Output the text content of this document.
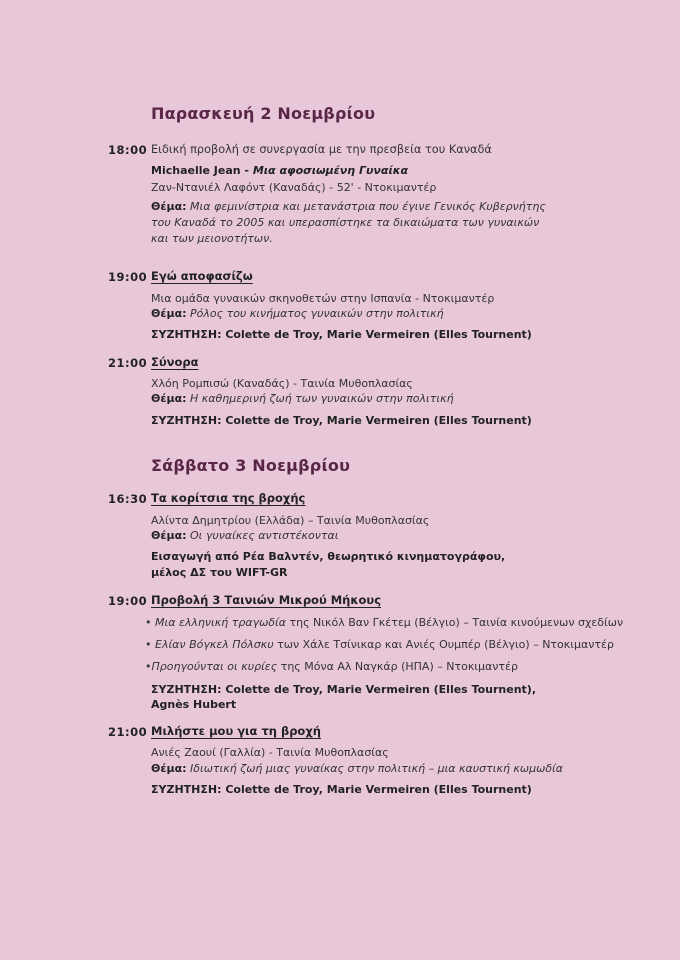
Παρασκευή 2 Νοεμβρίου
18:00 Ειδική προβολή σε συνεργασία με την πρεσβεία του Καναδά
Michaelle Jean - Μια αφοσιωμένη Γυναίκα
Ζαν-Ντανιέλ Λαφόντ (Καναδάς) - 52' - Ντοκιμαντέρ
Θέμα: Μια φεμινίστρια και μετανάστρια που έγινε Γενικός Κυβερνήτης
του Καναδά το 2005 και υπερασπίστηκε τα δικαιώματα των γυναικών
και των μειονοτήτων.
19:00 Εγώ αποφασίζω
Μια ομάδα γυναικών σκηνοθετών στην Ισπανία - Ντοκιμαντέρ
Θέμα: Ρόλος του κινήματος γυναικών στην πολιτική
ΣΥΖΗΤΗΣΗ: Colette de Troy, Marie Vermeiren (Elles Tournent)
21:00 Σύνορα
Χλόη Ρομπισώ (Καναδάς) - Ταινία Μυθοπλασίας
Θέμα: Η καθημερινή ζωή των γυναικών στην πολιτική
ΣΥΖΗΤΗΣΗ: Colette de Troy, Marie Vermeiren (Elles Tournent)
Σάββατο 3 Νοεμβρίου
16:30 Τα κορίτσια της βροχής
Αλίντα Δημητρίου (Ελλάδα) – Ταινία Μυθοπλασίας
Θέμα: Οι γυναίκες αντιστέκονται
Εισαγωγή από Ρέα Βαλντέν, θεωρητικό κινηματογράφου,
μέλος ΔΣ του WIFT-GR
19:00 Προβολή 3 Ταινιών Μικρού Μήκους
• Μια ελληνική τραγωδία της Νικόλ Βαν Γκέτεμ (Βέλγιο) – Ταινία κινούμενων σχεδίων
• Ελίαν Βόγκελ Πόλσκυ των Χάλε Τσίνικαρ και Ανιές Ουμπέρ (Βέλγιο) – Ντοκιμαντέρ
•Προηγούνται οι κυρίες της Μόνα Αλ Ναγκάρ (ΗΠΑ) – Ντοκιμαντέρ
ΣΥΖΗΤΗΣΗ: Colette de Troy, Marie Vermeiren (Elles Tournent),
Agnès Hubert
21:00 Μιλήστε μου για τη βροχή
Ανιές Ζαουί (Γαλλία) - Ταινία Μυθοπλασίας
Θέμα: Ιδιωτική ζωή μιας γυναίκας στην πολιτική – μια καυστική κωμωδία
ΣΥΖΗΤΗΣΗ: Colette de Troy, Marie Vermeiren (Elles Tournent)
